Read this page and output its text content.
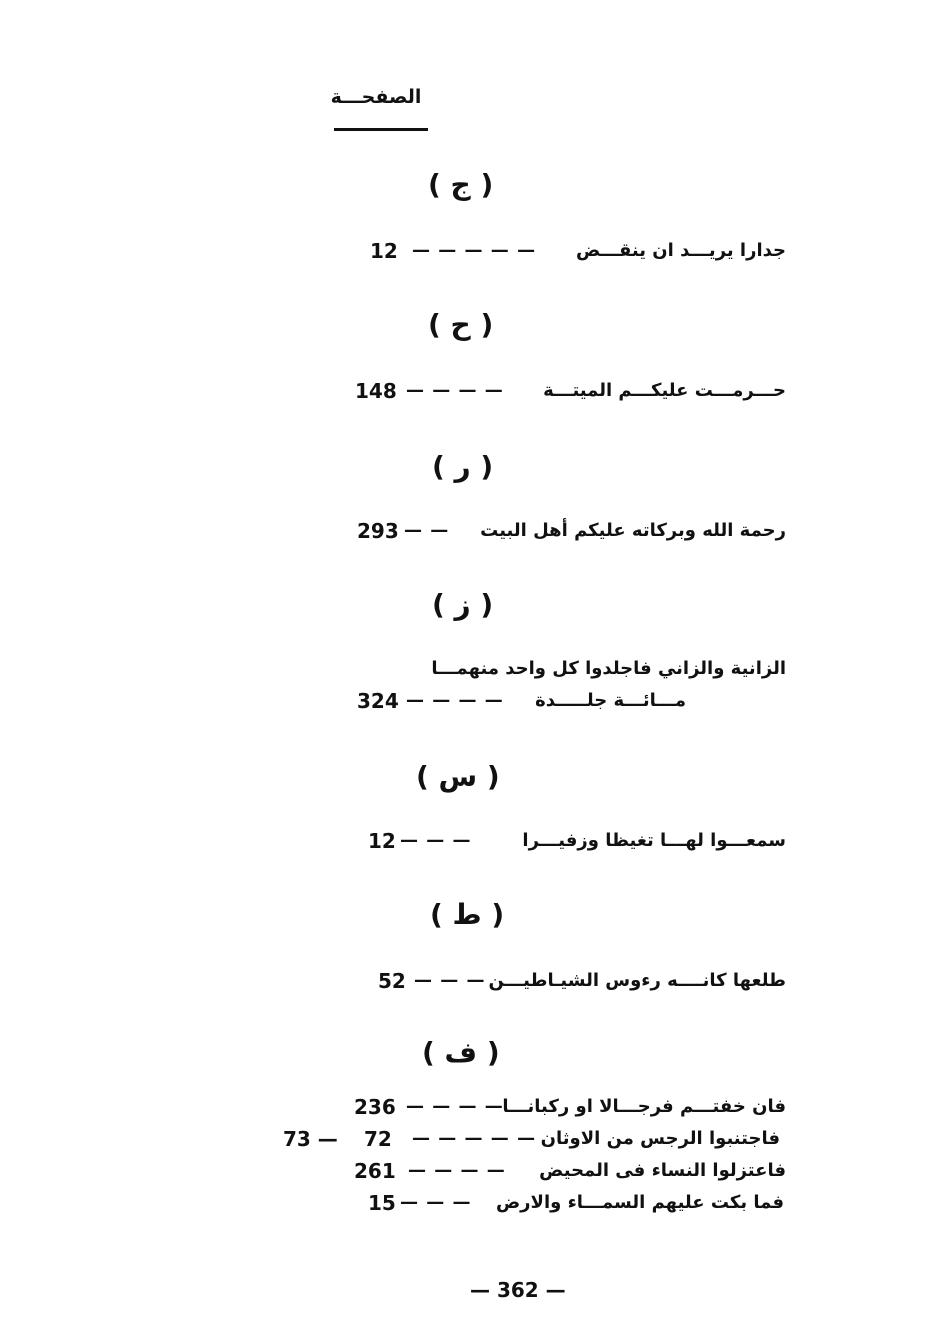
الصفحـــة
( ج )
جدارا يريـــد ان ينقـــض
— — — — —
12
( ح )
حـــرمـــت عليكـــم الميتـــة
— — — —
148
( ر )
رحمة الله وبركاته عليكم أهل البيت
— —
293
( ز )
الزانية والزاني فاجلدوا كل واحد منهمـــا
مـــائـــة جلـــــدة
— — — —
324
( س )
سمعـــوا لهـــا تغيظا وزفيـــرا
— — —
12
( ط )
طلعها كانــــه رءوس الشيـاطيـــن
— — —
52
( ف )
فان خفتـــم فرجـــالا او ركبانـــا
— — — —
236
فاجتنبوا الرجس من الاوثان
— — — — —
72
73 —
فاعتزلوا النساء فى المحيض
— — — —
261
فما بكت عليهم السمـــاء والارض
— — —
15
— 362 —
